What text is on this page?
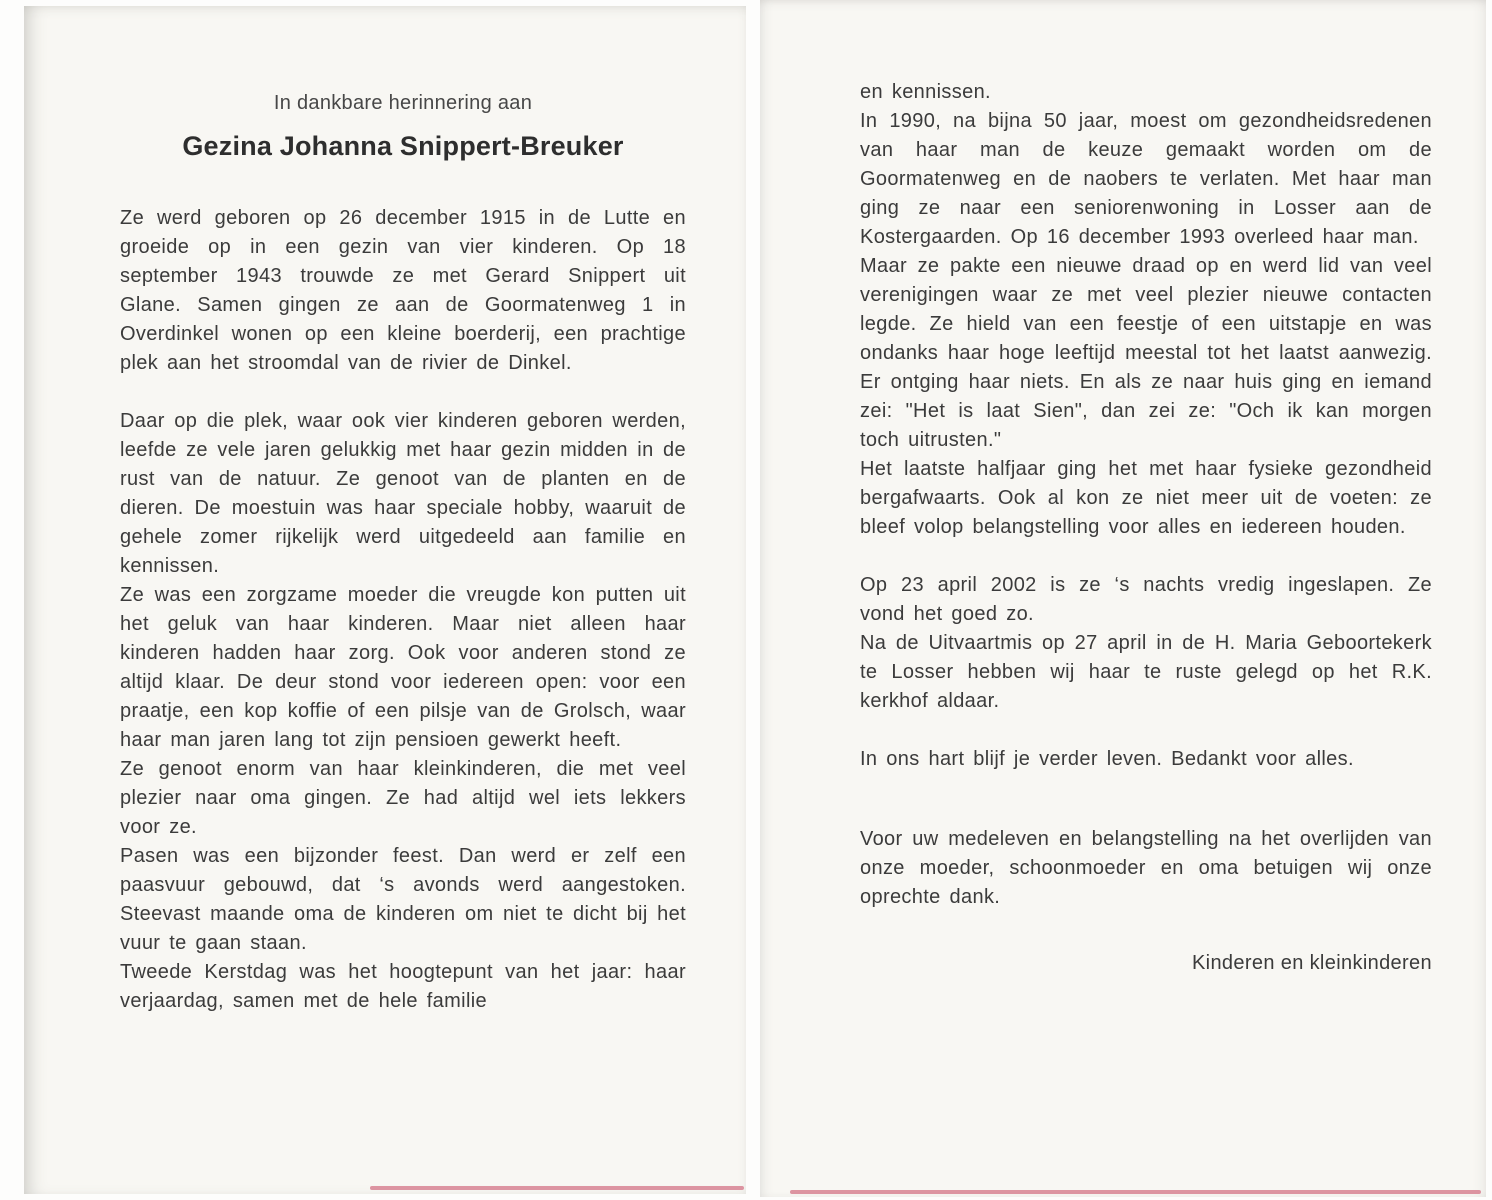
In dankbare herinnering aan

Gezina Johanna Snippert-Breuker

Ze werd geboren op 26 december 1915 in de Lutte en groeide op in een gezin van vier kinderen. Op 18 september 1943 trouwde ze met Gerard Snippert uit Glane. Samen gingen ze aan de Goormatenweg 1 in Overdinkel wonen op een kleine boerderij, een prachtige plek aan het stroomdal van de rivier de Dinkel.

Daar op die plek, waar ook vier kinderen geboren werden, leefde ze vele jaren gelukkig met haar gezin midden in de rust van de natuur. Ze genoot van de planten en de dieren. De moestuin was haar speciale hobby, waaruit de gehele zomer rijkelijk werd uitgedeeld aan familie en kennissen.

Ze was een zorgzame moeder die vreugde kon putten uit het geluk van haar kinderen. Maar niet alleen haar kinderen hadden haar zorg. Ook voor anderen stond ze altijd klaar. De deur stond voor iedereen open: voor een praatje, een kop koffie of een pilsje van de Grolsch, waar haar man jaren lang tot zijn pensioen gewerkt heeft.

Ze genoot enorm van haar kleinkinderen, die met veel plezier naar oma gingen. Ze had altijd wel iets lekkers voor ze.

Pasen was een bijzonder feest. Dan werd er zelf een paasvuur gebouwd, dat ‘s avonds werd aangestoken. Steevast maande oma de kinderen om niet te dicht bij het vuur te gaan staan.

Tweede Kerstdag was het hoogtepunt van het jaar: haar verjaardag, samen met de hele familie

en kennissen.

In 1990, na bijna 50 jaar, moest om gezondheidsredenen van haar man de keuze gemaakt worden om de Goormatenweg en de naobers te verlaten. Met haar man ging ze naar een seniorenwoning in Losser aan de Kostergaarden. Op 16 december 1993 overleed haar man.

Maar ze pakte een nieuwe draad op en werd lid van veel verenigingen waar ze met veel plezier nieuwe contacten legde. Ze hield van een feestje of een uitstapje en was ondanks haar hoge leeftijd meestal tot het laatst aanwezig. Er ontging haar niets. En als ze naar huis ging en iemand zei: "Het is laat Sien", dan zei ze: "Och ik kan morgen toch uitrusten."

Het laatste halfjaar ging het met haar fysieke gezondheid bergafwaarts. Ook al kon ze niet meer uit de voeten: ze bleef volop belangstelling voor alles en iedereen houden.

Op 23 april 2002 is ze ‘s nachts vredig ingeslapen. Ze vond het goed zo.

Na de Uitvaartmis op 27 april in de H. Maria Geboortekerk te Losser hebben wij haar te ruste gelegd op het R.K. kerkhof aldaar.

In ons hart blijf je verder leven. Bedankt voor alles.

Voor uw medeleven en belangstelling na het overlijden van onze moeder, schoonmoeder en oma betuigen wij onze oprechte dank.

Kinderen en kleinkinderen
